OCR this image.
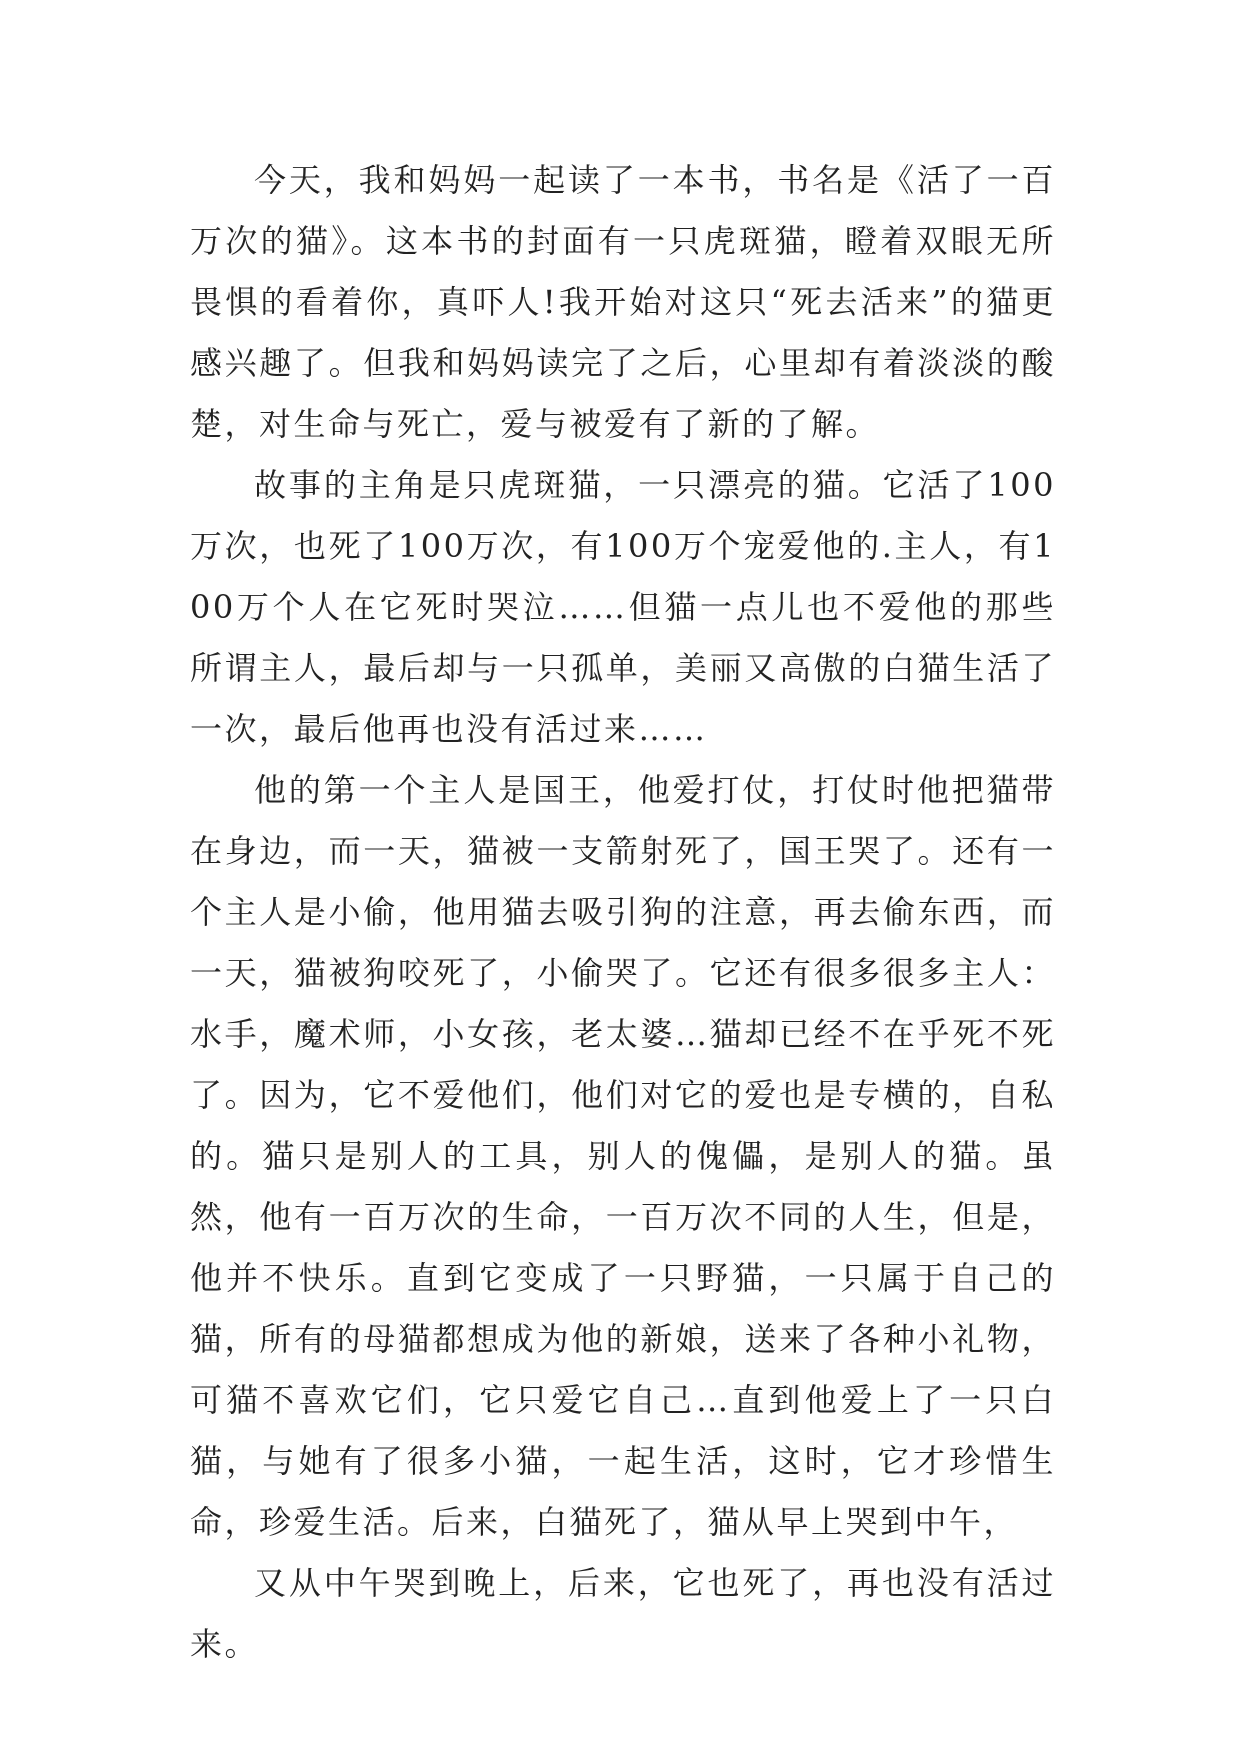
今天，我和妈妈一起读了一本书，书名是《活了一百万次的猫》。这本书的封面有一只虎斑猫，瞪着双眼无所畏惧的看着你，真吓人!我开始对这只“死去活来”的猫更感兴趣了。但我和妈妈读完了之后，心里却有着淡淡的酸楚，对生命与死亡，爱与被爱有了新的了解。

故事的主角是只虎斑猫，一只漂亮的猫。它活了100万次，也死了100万次，有100万个宠爱他的.主人，有100万个人在它死时哭泣……但猫一点儿也不爱他的那些所谓主人，最后却与一只孤单，美丽又高傲的白猫生活了一次，最后他再也没有活过来……

他的第一个主人是国王，他爱打仗，打仗时他把猫带在身边，而一天，猫被一支箭射死了，国王哭了。还有一个主人是小偷，他用猫去吸引狗的注意，再去偷东西，而一天，猫被狗咬死了，小偷哭了。它还有很多很多主人：水手，魔术师，小女孩，老太婆…猫却已经不在乎死不死了。因为，它不爱他们，他们对它的爱也是专横的，自私的。猫只是别人的工具，别人的傀儡，是别人的猫。虽然，他有一百万次的生命，一百万次不同的人生，但是，他并不快乐。直到它变成了一只野猫，一只属于自己的猫，所有的母猫都想成为他的新娘，送来了各种小礼物，可猫不喜欢它们，它只爱它自己…直到他爱上了一只白猫，与她有了很多小猫，一起生活，这时，它才珍惜生命，珍爱生活。后来，白猫死了，猫从早上哭到中午，

又从中午哭到晚上，后来，它也死了，再也没有活过来。
